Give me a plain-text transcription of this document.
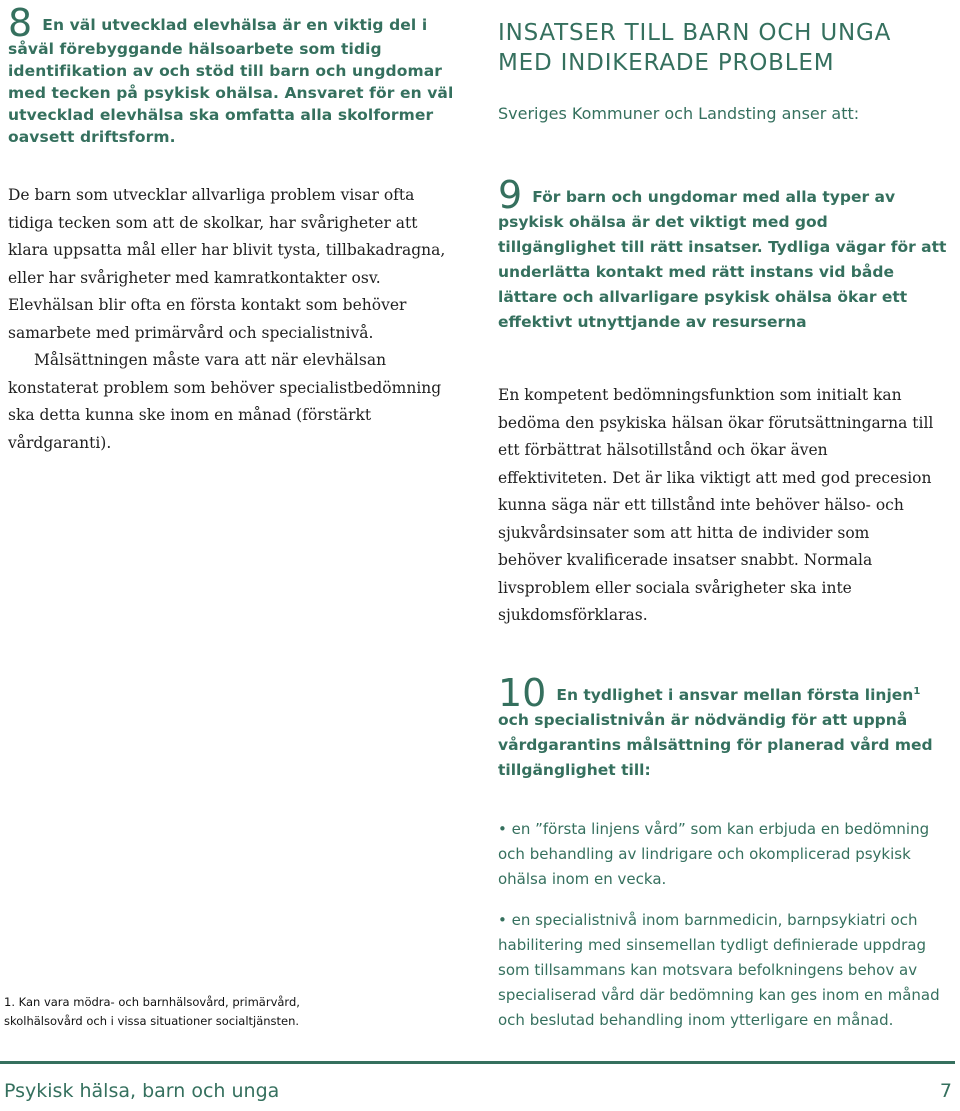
8 En väl utvecklad elevhälsa är en viktig del i såväl förebyggande hälsoarbete som tidig identifikation av och stöd till barn och ungdomar med tecken på psykisk ohälsa. Ansvaret för en väl utvecklad elevhälsa ska omfatta alla skolformer oavsett driftsform.

De barn som utvecklar allvarliga problem visar ofta tidiga tecken som att de skolkar, har svårigheter att klara uppsatta mål eller har blivit tysta, tillbakadragna, eller har svårigheter med kamratkontakter osv. Elevhälsan blir ofta en första kontakt som behöver samarbete med primärvård och specialistnivå.

Målsättningen måste vara att när elevhälsan konstaterat problem som behöver specialistbedömning ska detta kunna ske inom en månad (förstärkt vårdgaranti).

INSATSER TILL BARN OCH UNGA
MED INDIKERADE PROBLEM
Sveriges Kommuner och Landsting anser att:
9 För barn och ungdomar med alla typer av psykisk ohälsa är det viktigt med god tillgänglighet till rätt insatser. Tydliga vägar för att underlätta kontakt med rätt instans vid både lättare och allvarligare psykisk ohälsa ökar ett effektivt utnyttjande av resurserna

En kompetent bedömningsfunktion som initialt kan bedöma den psykiska hälsan ökar förutsättningarna till ett förbättrat hälsotillstånd och ökar även effektiviteten. Det är lika viktigt att med god precesion kunna säga när ett tillstånd inte behöver hälso- och sjukvårdsinsater som att hitta de individer som behöver kvalificerade insatser snabbt. Normala livsproblem eller sociala svårigheter ska inte sjukdomsförklaras.

10 En tydlighet i ansvar mellan första linjen$^1$ och specialistnivån är nödvändig för att uppnå vårdgarantins målsättning för planerad vård med tillgänglighet till:
• en ”första linjens vård” som kan erbjuda en bedömning och behandling av lindrigare och okomplicerad psykisk ohälsa inom en vecka.
• en specialistnivå inom barnmedicin, barnpsykiatri och habilitering med sinsemellan tydligt definierade uppdrag som tillsammans kan motsvara befolkningens behov av specialiserad vård där bedömning kan ges inom en månad och beslutad behandling inom ytterligare en månad.
1. Kan vara mödra- och barnhälsovård, primärvård, skolhälsovård och i vissa situationer socialtjänsten.
Psykisk hälsa, barn och unga	7
